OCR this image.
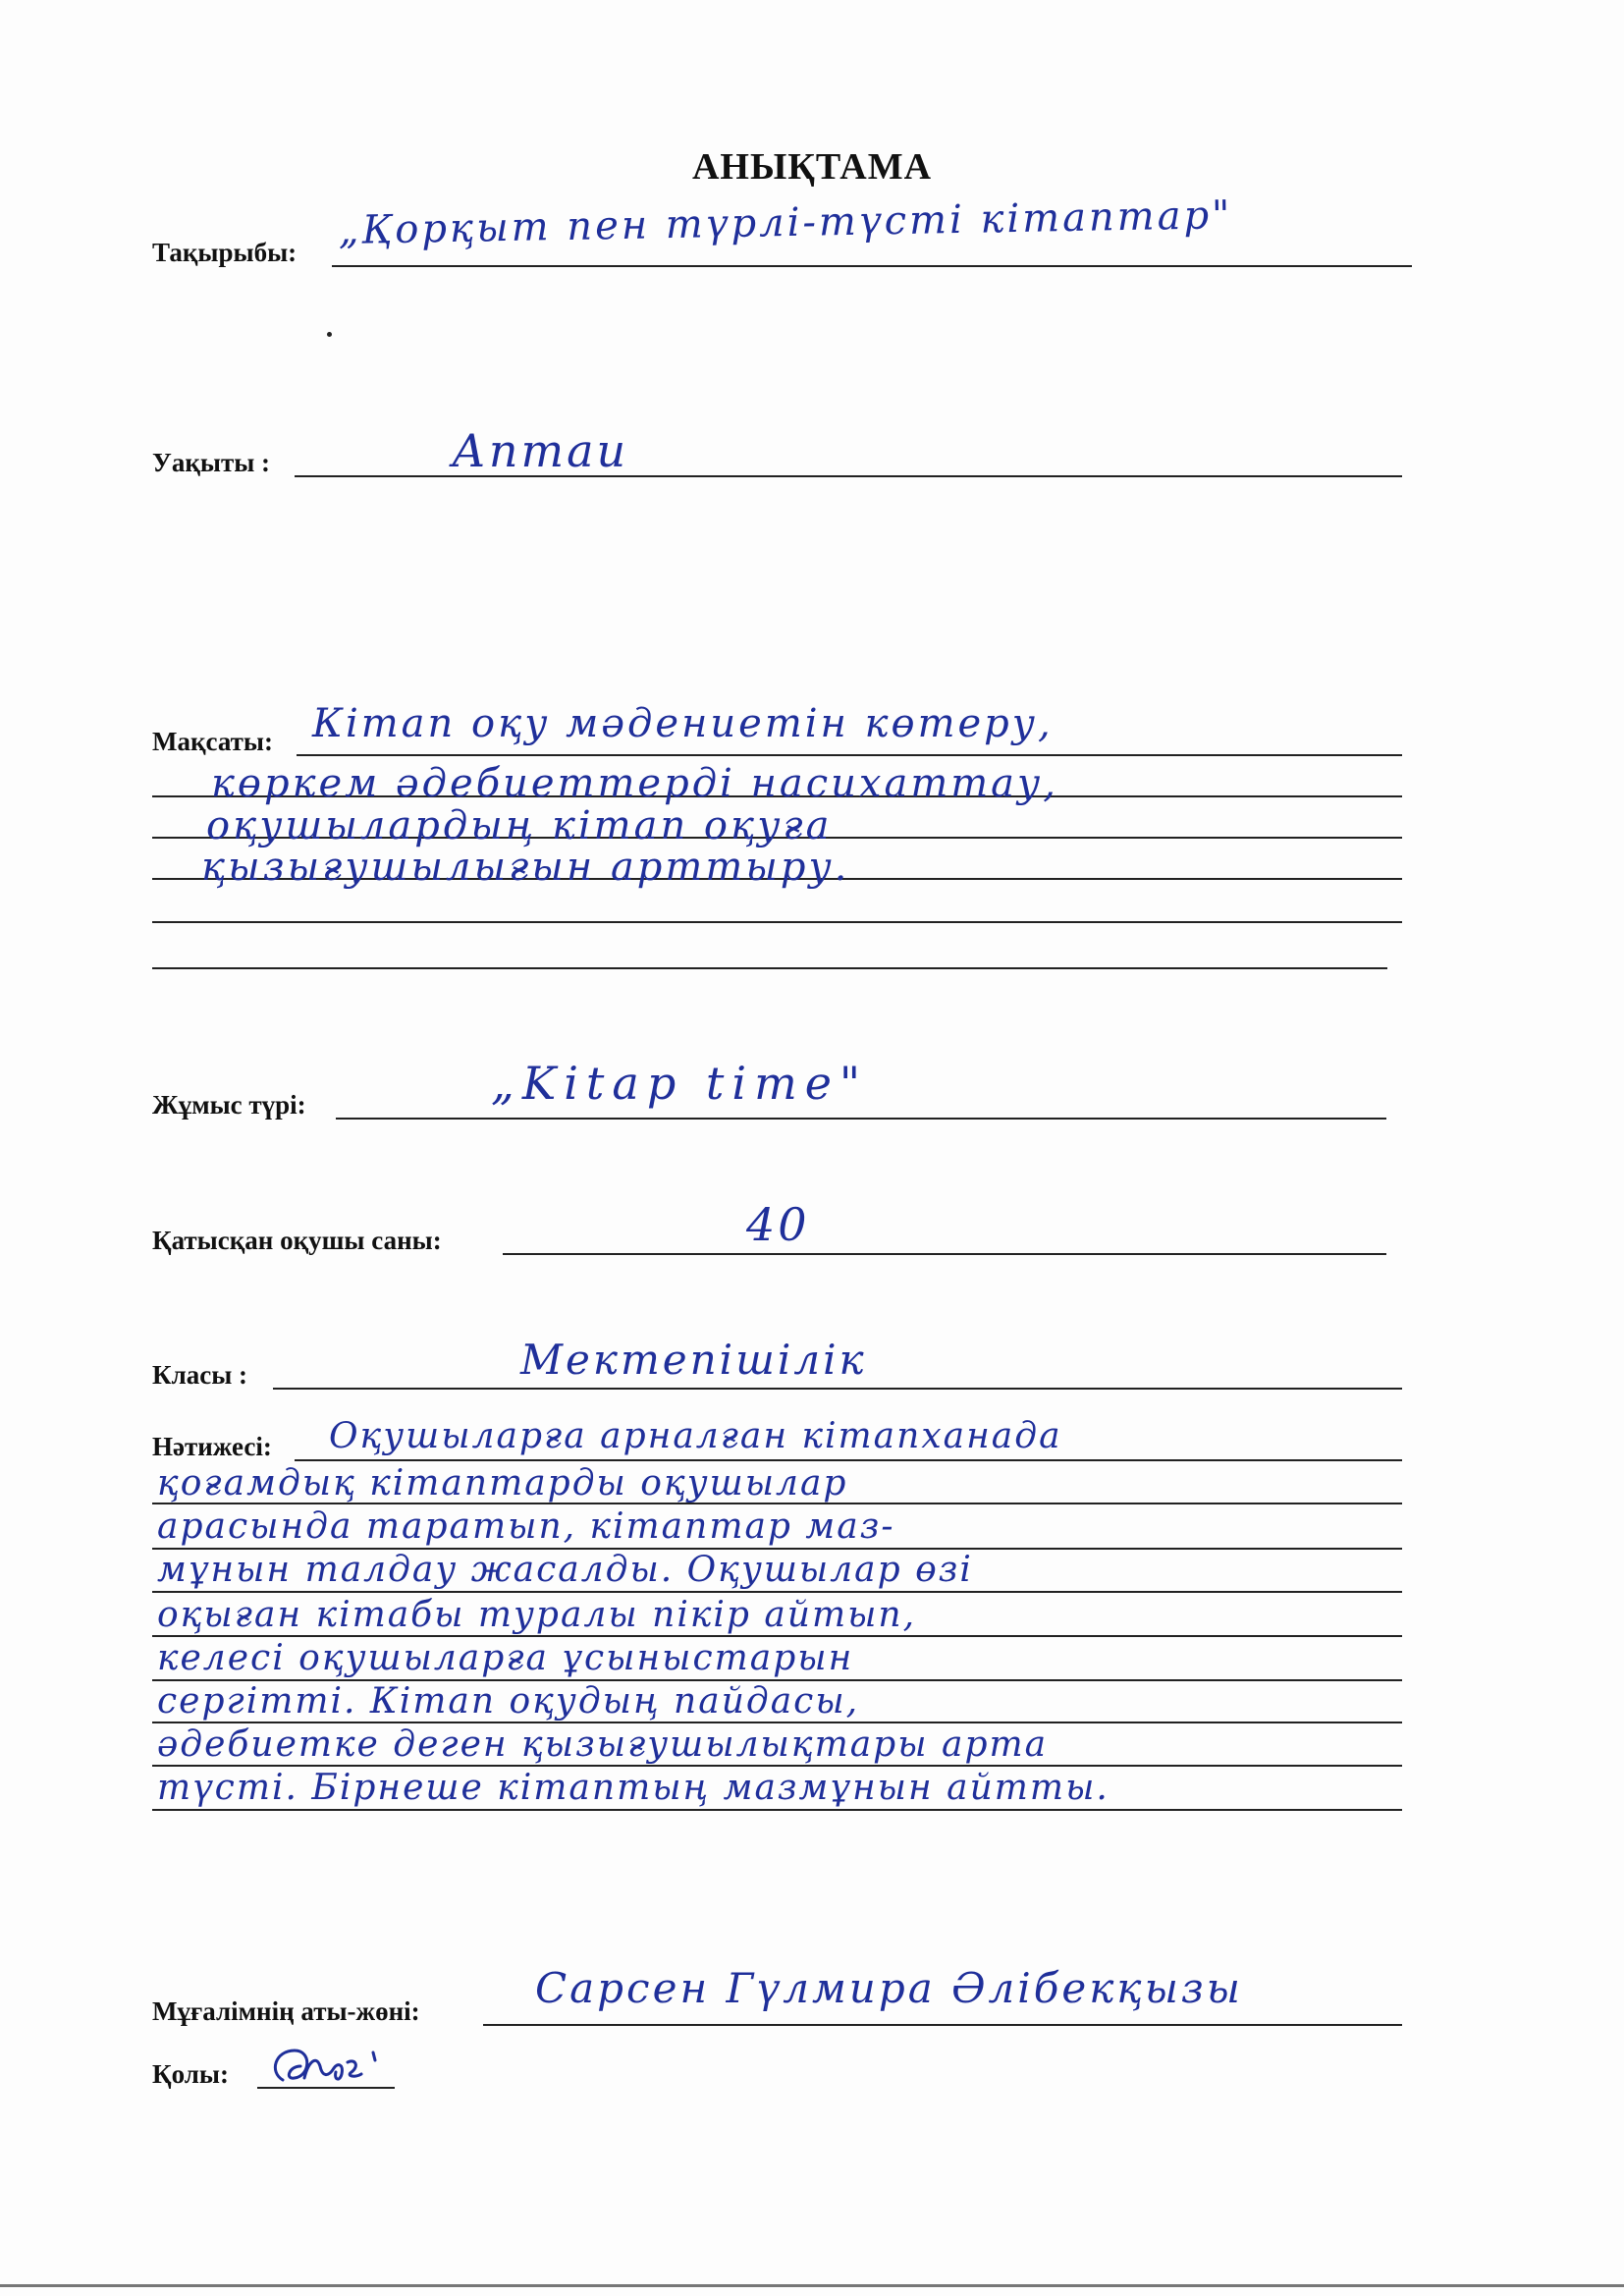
АНЫҚТАМА
Тақырыбы: „Қорқыт пен түрлі-түсті кітаптар"
Уақыты :	Аптаи
Мақсаты: Кітап оқу мәдениетін көтеру,
көркем әдебиеттерді насихаттау,
оқушылардың кітап оқуға
қызығушылығын арттыру.
Жұмыс түрі:	„Kitap time"
Қатысқан оқушы саны:	40
Класы :	Мектепішілік
Нәтижесі: Оқушыларға арналған кітапханада
қоғамдық кітаптарды оқушылар
арасында таратып, кітаптар маз-
мұнын талдау жасалды. Оқушылар өзі
оқыған кітабы туралы пікір айтып,
келесі оқушыларға ұсыныстарын
сергітті. Кітап оқудың пайдасы,
әдебиетке деген қызығушылықтары арта
түсті. Бірнеше кітаптың мазмұнын айтты.
Мұғалімнің аты-жөні:	Сарсен Гүлмира Әлібекқызы
Қолы:
